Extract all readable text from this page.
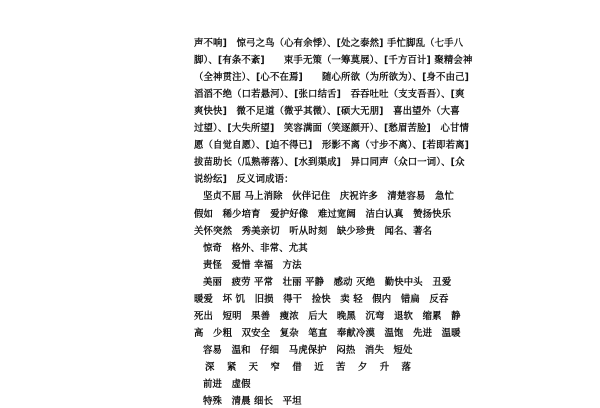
声不响]　惊弓之鸟（心有余悸）、[处之泰然] 手忙脚乱（七手八
脚）、[有条不紊]　　束手无策（一筹莫展）、[千方百计] 聚精会神
（全神贯注）、[心不在焉]　　随心所欲（为所欲为）、[身不由己]
滔滔不绝（口若悬河）、[张口结舌]　吞吞吐吐（支支吾吾）、[爽
爽快快]　微不足道（微乎其微）、[硕大无朋]　喜出望外（大喜
过望）、[大失所望]　笑容满面（笑逐颜开）、[愁眉苦脸]　心甘情
愿（自觉自愿）、[迫不得已]　形影不离（寸步不离）、[若即若离]
拔苗助长（瓜熟蒂落）、[水到渠成]　异口同声（众口一词）、[众
说纷纭]　反义词成语：
坚贞不屈 马上消除　伙伴记住　庆祝许多　清楚容易　急忙
假如　稀少培育　爱护好像　难过宽阔　洁白认真　赞扬快乐
关怀突然　秀美亲切　听从时刻　缺少珍贵　闻名、著名
惊奇　格外、非常、尤其
责怪　爱惜 幸福　方法
美丽　疲劳 平常　壮丽 平静　感动 灭绝　勤快中头　丑爱
暖爱　坏 饥　旧损　得干　捡快　卖 轻　假内　错扁　反吞
死出　短明　果善　瘦浓　后大　晚黑　沉弯　退软　缩累　静
高　少粗　双安全　复杂　笔直　奉献冷漠　温饱　先进　温暖
容易　温和　仔细　马虎保护　闷热　消失　短处
深 紧 天 窄 借 近 苦 夕 升 落
前进　虚假
特殊　清晨 细长　平坦
